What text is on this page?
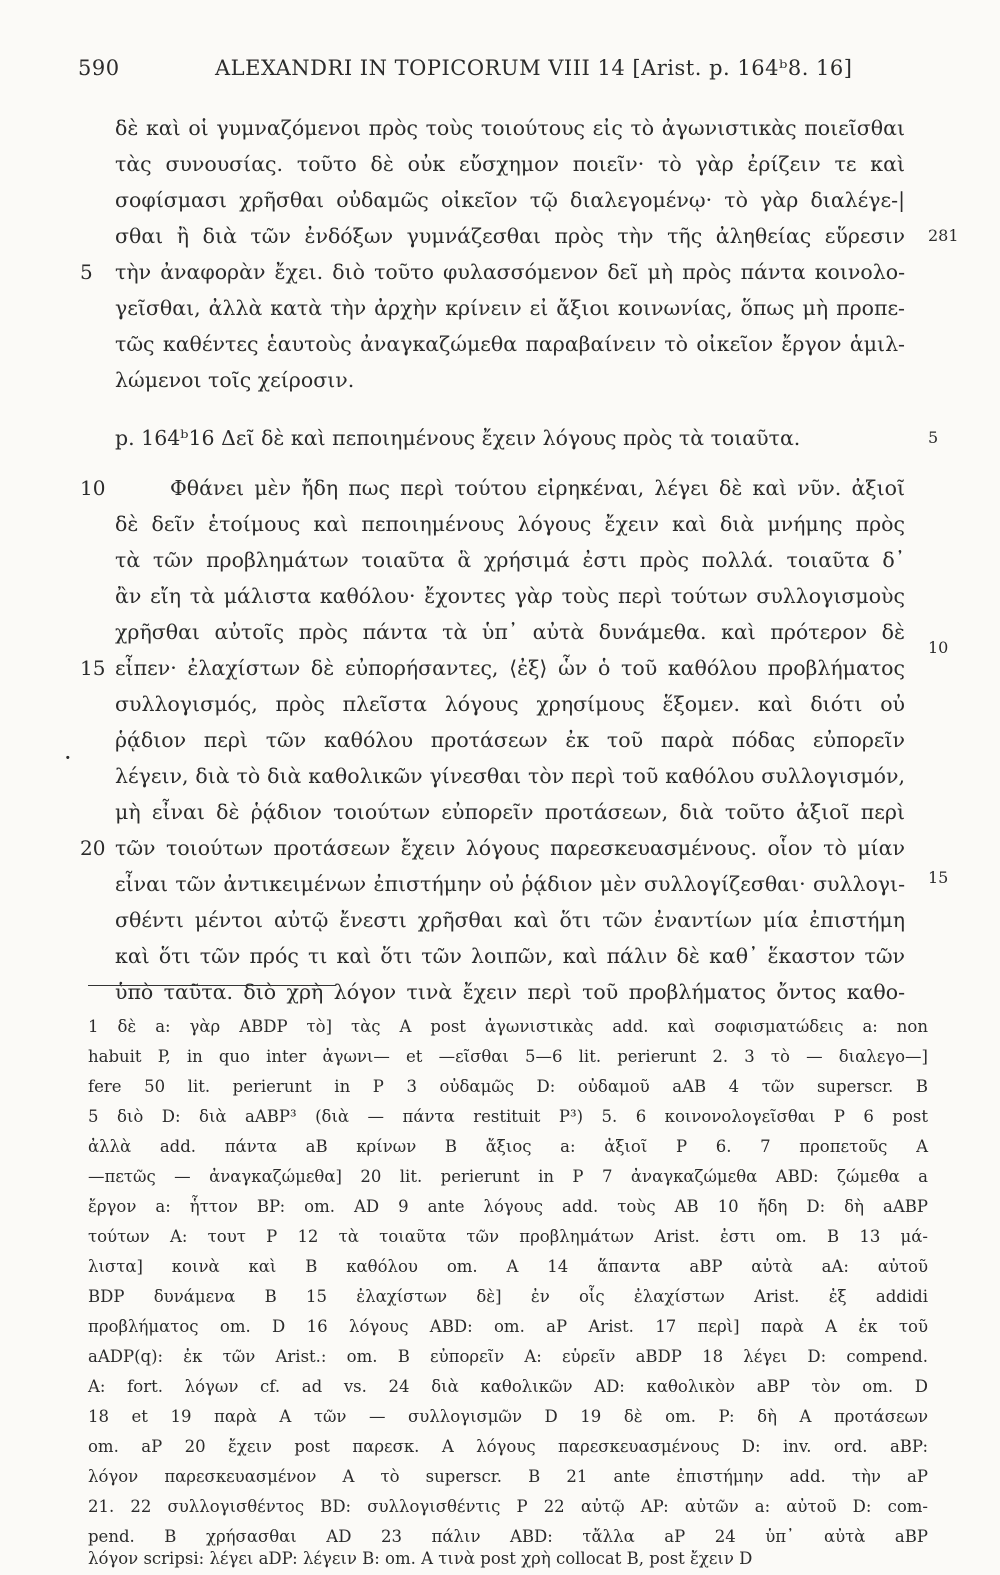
590	ALEXANDRI IN TOPICORUM VIII 14 [Arist. p. 164ᵇ8. 16]
δὲ καὶ οἱ γυμναζόμενοι πρὸς τοὺς τοιούτους εἰς τὸ ἀγωνιστικὰς ποιεῖσθαι
τὰς συνουσίας. τοῦτο δὲ οὐκ εὔσχημον ποιεῖν· τὸ γὰρ ἐρίζειν τε καὶ
σοφίσμασι χρῆσθαι οὐδαμῶς οἰκεῖον τῷ διαλεγομένῳ· τὸ γὰρ διαλέγε-|
σθαι ἢ διὰ τῶν ἐνδόξων γυμνάζεσθαι πρὸς τὴν τῆς ἀληθείας εὕρεσιν
τὴν ἀναφορὰν ἔχει. διὸ τοῦτο φυλασσόμενον δεῖ μὴ πρὸς πάντα κοινολο-
γεῖσθαι, ἀλλὰ κατὰ τὴν ἀρχὴν κρίνειν εἰ ἄξιοι κοινωνίας, ὅπως μὴ προπε-
τῶς καθέντες ἑαυτοὺς ἀναγκαζώμεθα παραβαίνειν τὸ οἰκεῖον ἔργον ἁμιλ-
λώμενοι τοῖς χείροσιν.
p. 164ᵇ16 Δεῖ δὲ καὶ πεποιημένους ἔχειν λόγους πρὸς τὰ τοιαῦτα.
Φθάνει μὲν ἤδη πως περὶ τούτου εἰρηκέναι, λέγει δὲ καὶ νῦν. ἀξιοῖ
δὲ δεῖν ἑτοίμους καὶ πεποιημένους λόγους ἔχειν καὶ διὰ μνήμης πρὸς
τὰ τῶν προβλημάτων τοιαῦτα ἃ χρήσιμά ἐστι πρὸς πολλά. τοιαῦτα δ᾽
ἂν εἴη τὰ μάλιστα καθόλου· ἔχοντες γὰρ τοὺς περὶ τούτων συλλογισμοὺς
χρῆσθαι αὐτοῖς πρὸς πάντα τὰ ὑπ᾽ αὐτὰ δυνάμεθα. καὶ πρότερον δὲ
εἶπεν· ἐλαχίστων δὲ εὐπορήσαντες, ⟨ἐξ⟩ ὧν ὁ τοῦ καθόλου προβλήματος
συλλογισμός, πρὸς πλεῖστα λόγους χρησίμους ἕξομεν. καὶ διότι οὐ
ῥᾴδιον περὶ τῶν καθόλου προτάσεων ἐκ τοῦ παρὰ πόδας εὐπορεῖν
λέγειν, διὰ τὸ διὰ καθολικῶν γίνεσθαι τὸν περὶ τοῦ καθόλου συλλογισμόν,
μὴ εἶναι δὲ ῥᾴδιον τοιούτων εὐπορεῖν προτάσεων, διὰ τοῦτο ἀξιοῖ περὶ
τῶν τοιούτων προτάσεων ἔχειν λόγους παρεσκευασμένους. οἷον τὸ μίαν
εἶναι τῶν ἀντικειμένων ἐπιστήμην οὐ ῥᾴδιον μὲν συλλογίζεσθαι· συλλογι-
σθέντι μέντοι αὐτῷ ἔνεστι χρῆσθαι καὶ ὅτι τῶν ἐναντίων μία ἐπιστήμη
καὶ ὅτι τῶν πρός τι καὶ ὅτι τῶν λοιπῶν, καὶ πάλιν δὲ καθ᾽ ἕκαστον τῶν
ὑπὸ ταῦτα. διὸ χρὴ λόγον τινὰ ἔχειν περὶ τοῦ προβλήματος ὄντος καθο-
5
10
15
20
·
281
5
10
15
1 δὲ a: γὰρ ABDP τὸ] τὰς A post ἀγωνιστικὰς add. καὶ σοφισματώδεις a: non
habuit P, in quo inter ἀγωνι— et —εῖσθαι 5—6 lit. perierunt 2. 3 τὸ — διαλεγο—]
fere 50 lit. perierunt in P 3 οὐδαμῶς D: οὐδαμοῦ aAB 4 τῶν superscr. B
5 διὸ D: διὰ aABP³ (διὰ — πάντα restituit P³) 5. 6 κοινονολογεῖσθαι P 6 post
ἀλλὰ add. πάντα aB κρίνων B ἄξιος a: ἀξιοῖ P 6. 7 προπετοῦς A
—πετῶς — ἀναγκαζώμεθα] 20 lit. perierunt in P 7 ἀναγκαζώμεθα ABD: ζώμεθα a
ἔργον a: ἧττον BP: om. AD 9 ante λόγους add. τοὺς AB 10 ἤδη D: δὴ aABP
τούτων A: τουτ P 12 τὰ τοιαῦτα τῶν προβλημάτων Arist. ἐστι om. B 13 μά-
λιστα] κοινὰ καὶ B καθόλου om. A 14 ἅπαντα aBP αὐτὰ aA: αὐτοῦ
BDP δυνάμενα B 15 ἐλαχίστων δὲ] ἐν οἷς ἐλαχίστων Arist. ἐξ addidi
προβλήματος om. D 16 λόγους ABD: om. aP Arist. 17 περὶ] παρὰ A ἐκ τοῦ
aADP(q): ἐκ τῶν Arist.: om. B εὐπορεῖν A: εὑρεῖν aBDP 18 λέγει D: compend.
A: fort. λόγων cf. ad vs. 24 διὰ καθολικῶν AD: καθολικὸν aBP τὸν om. D
18 et 19 παρὰ A τῶν — συλλογισμῶν D 19 δὲ om. P: δὴ A προτάσεων
om. aP 20 ἔχειν post παρεσκ. A λόγους παρεσκευασμένους D: inv. ord. aBP:
λόγον παρεσκευασμένον A τὸ superscr. B 21 ante ἐπιστήμην add. τὴν aP
21. 22 συλλογισθέντος BD: συλλογισθέντις P 22 αὐτῷ AP: αὐτῶν a: αὐτοῦ D: com-
pend. B χρήσασθαι AD 23 πάλιν ABD: τἄλλα aP 24 ὑπ᾽ αὐτὰ aBP
λόγον scripsi: λέγει aDP: λέγειν B: om. A τινὰ post χρὴ collocat B, post ἔχειν D
